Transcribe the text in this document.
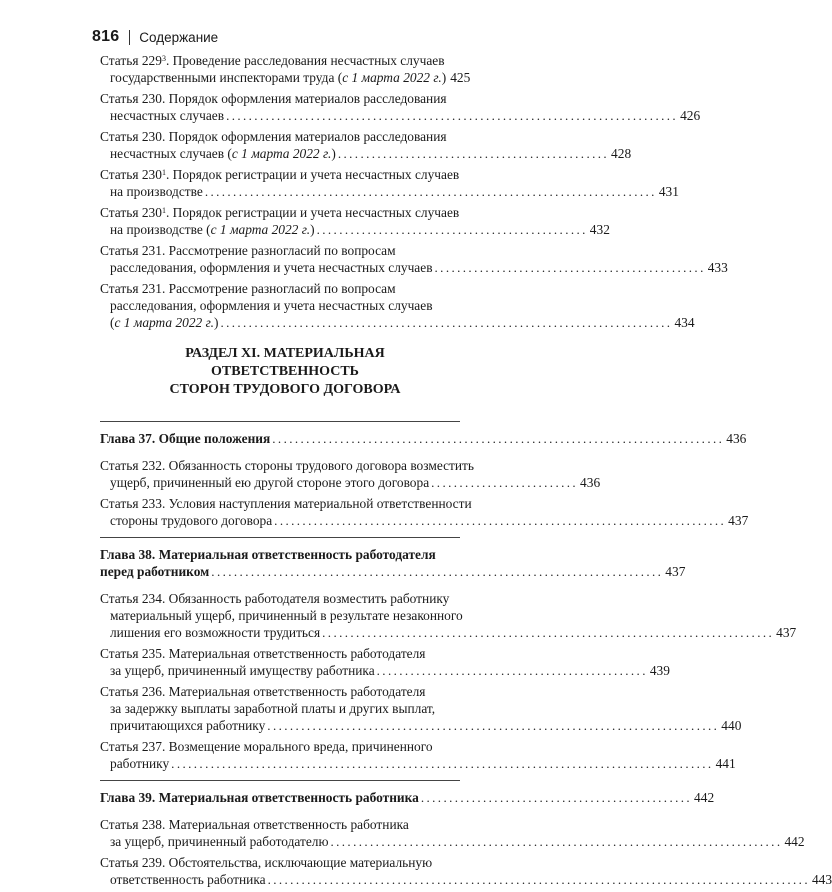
816 Содержание
Статья $229^3$. Проведение расследования несчастных случаев
государственными инспекторами труда (с 1 марта 2022 г.) 425
Статья 230. Порядок оформления материалов расследования
несчастных случаев ................................................................................ 426
Статья 230. Порядок оформления материалов расследования
несчастных случаев (с 1 марта 2022 г.) ................................................ 428
Статья $230^1$. Порядок регистрации и учета несчастных случаев
на производстве ................................................................................ 431
Статья $230^1$. Порядок регистрации и учета несчастных случаев
на производстве (с 1 марта 2022 г.) ................................................ 432
Статья 231. Рассмотрение разногласий по вопросам
расследования, оформления и учета несчастных случаев ................................................ 433
Статья 231. Рассмотрение разногласий по вопросам
расследования, оформления и учета несчастных случаев
(с 1 марта 2022 г.) ................................................................................ 434
РАЗДЕЛ XI. МАТЕРИАЛЬНАЯ ОТВЕТСТВЕННОСТЬ
СТОРОН ТРУДОВОГО ДОГОВОРА
Глава 37. Общие положения ................................................................................ 436
Статья 232. Обязанность стороны трудового договора возместить
ущерб, причиненный ею другой стороне этого договора .......................... 436
Статья 233. Условия наступления материальной ответственности
стороны трудового договора ................................................................................ 437
Глава 38. Материальная ответственность работодателя
перед работником ................................................................................ 437
Статья 234. Обязанность работодателя возместить работнику
материальный ущерб, причиненный в результате незаконного
лишения его возможности трудиться ................................................................................ 437
Статья 235. Материальная ответственность работодателя
за ущерб, причиненный имуществу работника ................................................ 439
Статья 236. Материальная ответственность работодателя
за задержку выплаты заработной платы и других выплат,
причитающихся работнику ................................................................................ 440
Статья 237. Возмещение морального вреда, причиненного
работнику ................................................................................................ 441
Глава 39. Материальная ответственность работника ................................................ 442
Статья 238. Материальная ответственность работника
за ущерб, причиненный работодателю ................................................................................ 442
Статья 239. Обстоятельства, исключающие материальную
ответственность работника ................................................................................................ 443
